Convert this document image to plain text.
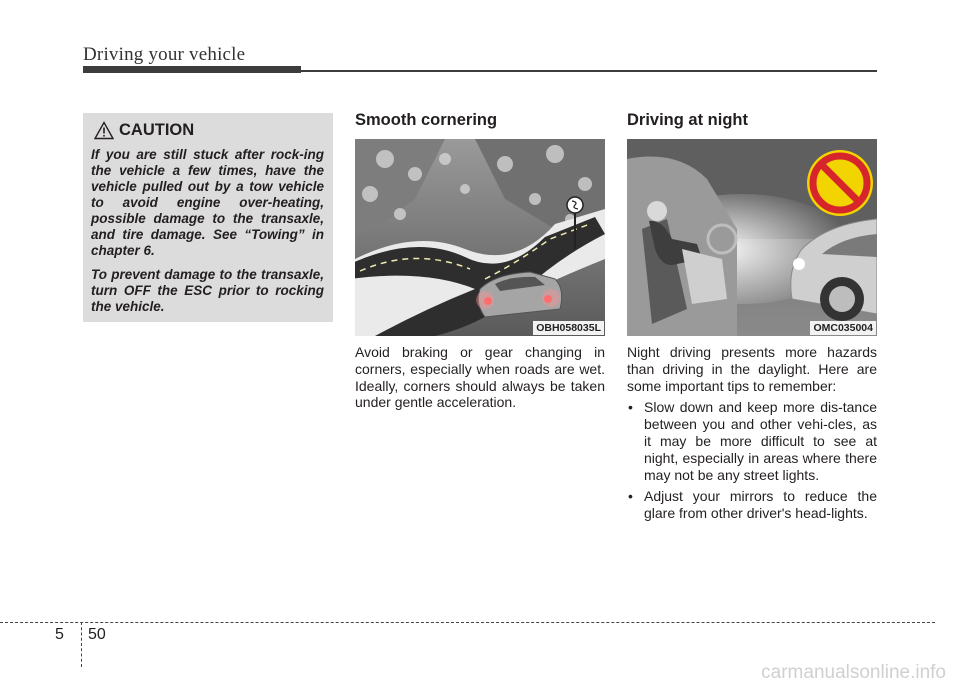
Driving your vehicle
CAUTION

If you are still stuck after rock-ing the vehicle a few times, have the vehicle pulled out by a tow vehicle to avoid engine over-heating, possible damage to the transaxle, and tire damage. See “Towing” in chapter 6.

To prevent damage to the transaxle, turn OFF the ESC prior to rocking the vehicle.

Smooth cornering
OBH058035L

Avoid braking or gear changing in corners, especially when roads are wet. Ideally, corners should always be taken under gentle acceleration.

Driving at night
OMC035004

Night driving presents more hazards than driving in the daylight. Here are some important tips to remember:

• Slow down and keep more dis-tance between you and other vehi-cles, as it may be more difficult to see at night, especially in areas where there may not be any street lights.
• Adjust your mirrors to reduce the glare from other driver's head-lights.
5 50
carmanualsonline.info
